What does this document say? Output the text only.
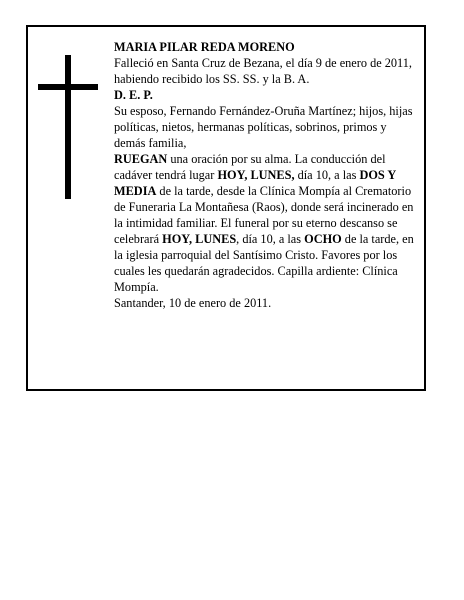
MARIA PILAR REDA MORENO

Falleció en Santa Cruz de Bezana, el día 9 de enero de 2011, habiendo recibido los SS. SS. y la B. A.

D. E. P.

Su esposo, Fernando Fernández-Oruña Martínez; hijos, hijas políticas, nietos, hermanas políticas, sobrinos, primos y demás familia,

RUEGAN una oración por su alma. La conducción del cadáver tendrá lugar HOY, LUNES, día 10, a las DOS Y MEDIA de la tarde, desde la Clínica Mompía al Crematorio de Funeraria La Montañesa (Raos), donde será incinerado en la intimidad familiar. El funeral por su eterno descanso se celebrará HOY, LUNES, día 10, a las OCHO de la tarde, en la iglesia parroquial del Santísimo Cristo. Favores por los cuales les quedarán agradecidos. Capilla ardiente: Clínica Mompía.

Santander, 10 de enero de 2011.
